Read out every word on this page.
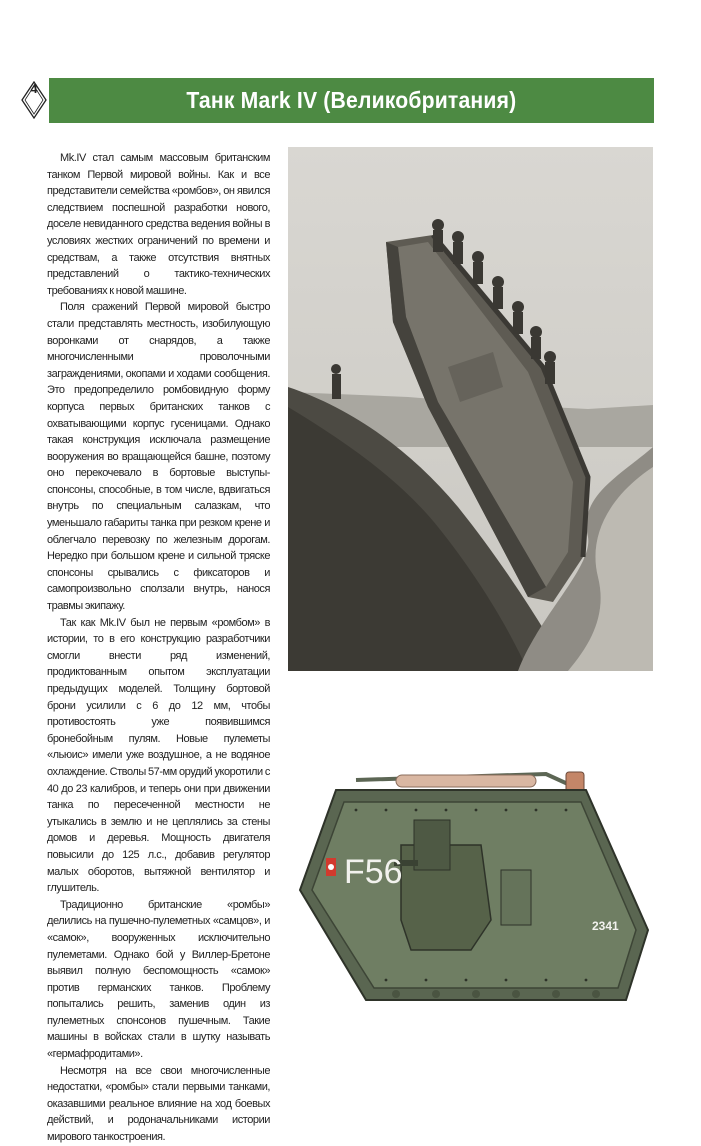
4	Танк Mark IV (Великобритания)

Mk.IV стал самым массовым британским танком Первой мировой войны. Как и все представители семейства «ромбов», он явился следствием поспешной разработки нового, доселе невиданного средства ведения войны в условиях жестких ограничений по времени и средствам, а также отсутствия внятных представлений о тактико-технических требованиях к новой машине.

Поля сражений Первой мировой быстро стали представлять местность, изобилующую воронками от снарядов, а также многочисленными проволочными заграждениями, окопами и ходами сообщения. Это предопределило ромбовидную форму корпуса первых британских танков с охватывающими корпус гусеницами. Однако такая конструкция исключала размещение вооружения во вращающейся башне, поэтому оно перекочевало в бортовые выступы-спонсоны, способные, в том числе, вдвигаться внутрь по специальным салазкам, что уменьшало габариты танка при резком крене и облегчало перевозку по железным дорогам. Нередко при большом крене и сильной тряске спонсоны срывались с фиксаторов и самопроизвольно сползали внутрь, нанося травмы экипажу.

Так как Mk.IV был не первым «ромбом» в истории, то в его конструкцию разработчики смогли внести ряд изменений, продиктованным опытом эксплуатации предыдущих моделей. Толщину бортовой брони усилили с 6 до 12 мм, чтобы противостоять уже появившимся бронебойным пулям. Новые пулеметы «льюис» имели уже воздушное, а не водяное охлаждение. Стволы 57-мм орудий укоротили с 40 до 23 калибров, и теперь они при движении танка по пересеченной местности не утыкались в землю и не цеплялись за стены домов и деревья. Мощность двигателя повысили до 125 л.с., добавив регулятор малых оборотов, вытяжной вентилятор и глушитель.

Традиционно британские «ромбы» делились на пушечно-пулеметных «самцов», и «самок», вооруженных исключительно пулеметами. Однако бой у Виллер-Бретоне выявил полную беспомощность «самок» против германских танков. Проблему попытались решить, заменив один из пулеметных спонсонов пушечным. Такие машины в войсках стали в шутку называть «гермафродитами».

Несмотря на все свои многочисленные недостатки, «ромбы» стали первыми танками, оказавшими реальное влияние на ход боевых действий, и родоначальниками истории мирового танкостроения.

F56
2341
